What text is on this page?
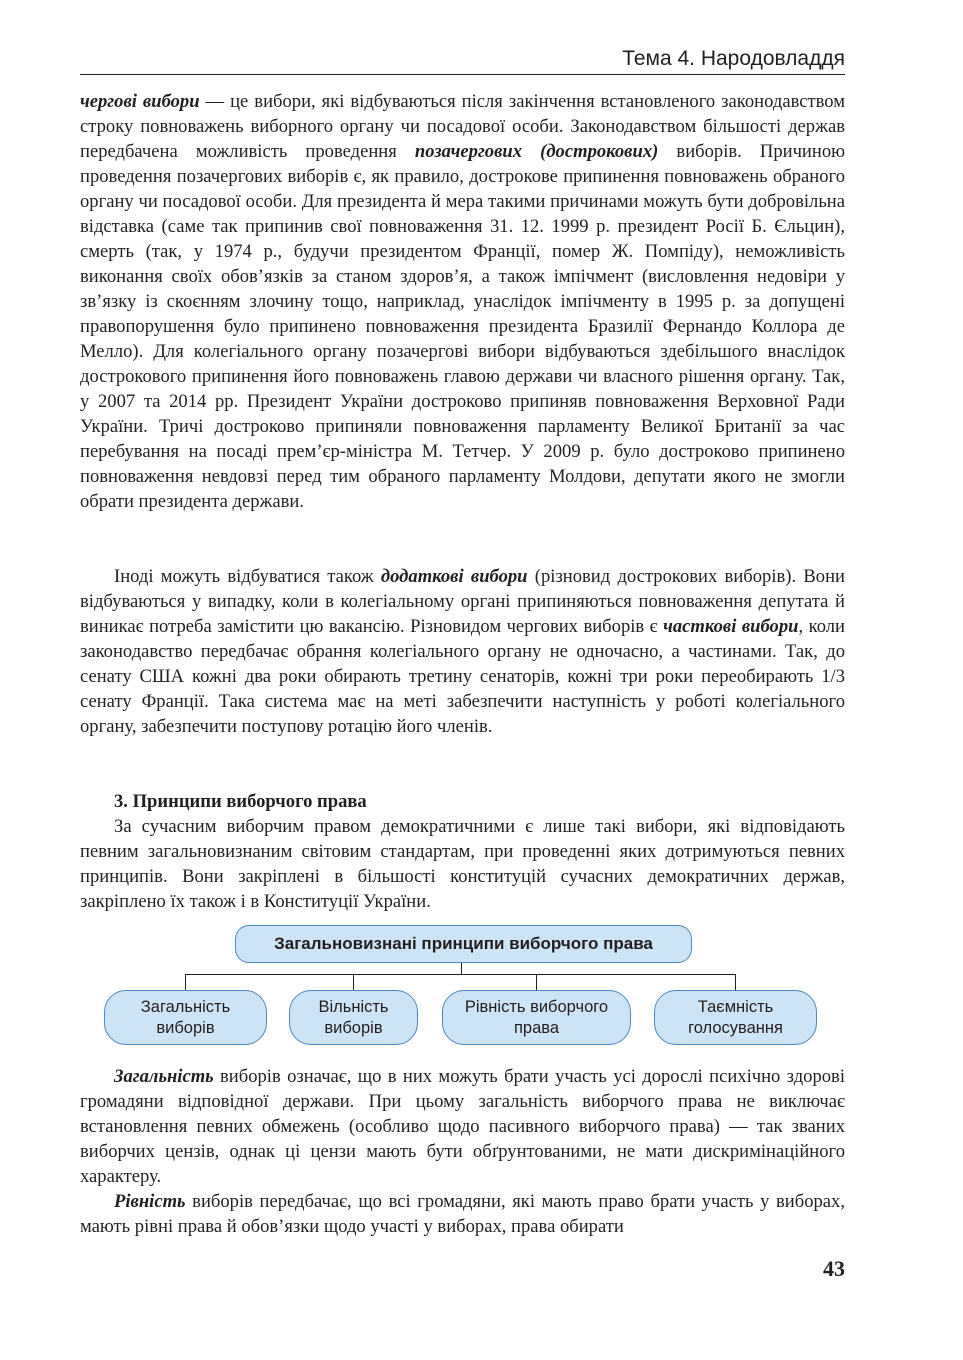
Тема 4. Народовладдя

чергові вибори — це вибори, які відбуваються після закінчення встановленого законодавством строку повноважень виборного органу чи посадової особи. Законодавством більшості держав передбачена можливість проведення позачергових (дострокових) виборів. Причиною проведення позачергових виборів є, як правило, дострокове припинення повноважень обраного органу чи посадової особи. Для президента й мера такими причинами можуть бути добровільна відставка (саме так припинив свої повноваження 31. 12. 1999 р. президент Росії Б. Єльцин), смерть (так, у 1974 р., будучи президентом Франції, помер Ж. Помпіду), неможливість виконання своїх обов’язків за станом здоров’я, а також імпічмент (висловлення недовіри у зв’язку із скоєнням злочину тощо, наприклад, унаслідок імпічменту в 1995 р. за допущені правопорушення було припинено повноваження президента Бразилії Фернандо Коллора де Мелло). Для колегіального органу позачергові вибори відбуваються здебільшого внаслідок дострокового припинення його повноважень главою держави чи власного рішення органу. Так, у 2007 та 2014 рр. Президент України достроково припиняв повноваження Верховної Ради України. Тричі достроково припиняли повноваження парламенту Великої Британії за час перебування на посаді прем’єр-міністра М. Тетчер. У 2009 р. було достроково припинено повноваження невдовзі перед тим обраного парламенту Молдови, депутати якого не змогли обрати президента держави.

Іноді можуть відбуватися також додаткові вибори (різновид дострокових виборів). Вони відбуваються у випадку, коли в колегіальному органі припиняються повноваження депутата й виникає потреба замістити цю вакансію. Різновидом чергових виборів є часткові вибори, коли законодавство передбачає обрання колегіального органу не одночасно, а частинами. Так, до сенату США кожні два роки обирають третину сенаторів, кожні три роки переобирають 1/3 сенату Франції. Така система має на меті забезпечити наступність у роботі колегіального органу, забезпечити поступову ротацію його членів.

3. Принципи виборчого права

За сучасним виборчим правом демократичними є лише такі вибори, які відповідають певним загальновизнаним світовим стандартам, при проведенні яких дотримуються певних принципів. Вони закріплені в більшості конституцій сучасних демократичних держав, закріплено їх також і в Конституції України.

Загальновизнані принципи виборчого права
Загальність
виборів
Вільність
виборів
Рівність виборчого
права
Таємність
голосування

Загальність виборів означає, що в них можуть брати участь усі дорослі психічно здорові громадяни відповідної держави. При цьому загальність виборчого права не виключає встановлення певних обмежень (особливо щодо пасивного виборчого права) — так званих виборчих цензів, однак ці цензи мають бути обґрунтованими, не мати дискримінаційного характеру.

Рівність виборів передбачає, що всі громадяни, які мають право брати участь у виборах, мають рівні права й обов’язки щодо участі у виборах, права обирати

43
